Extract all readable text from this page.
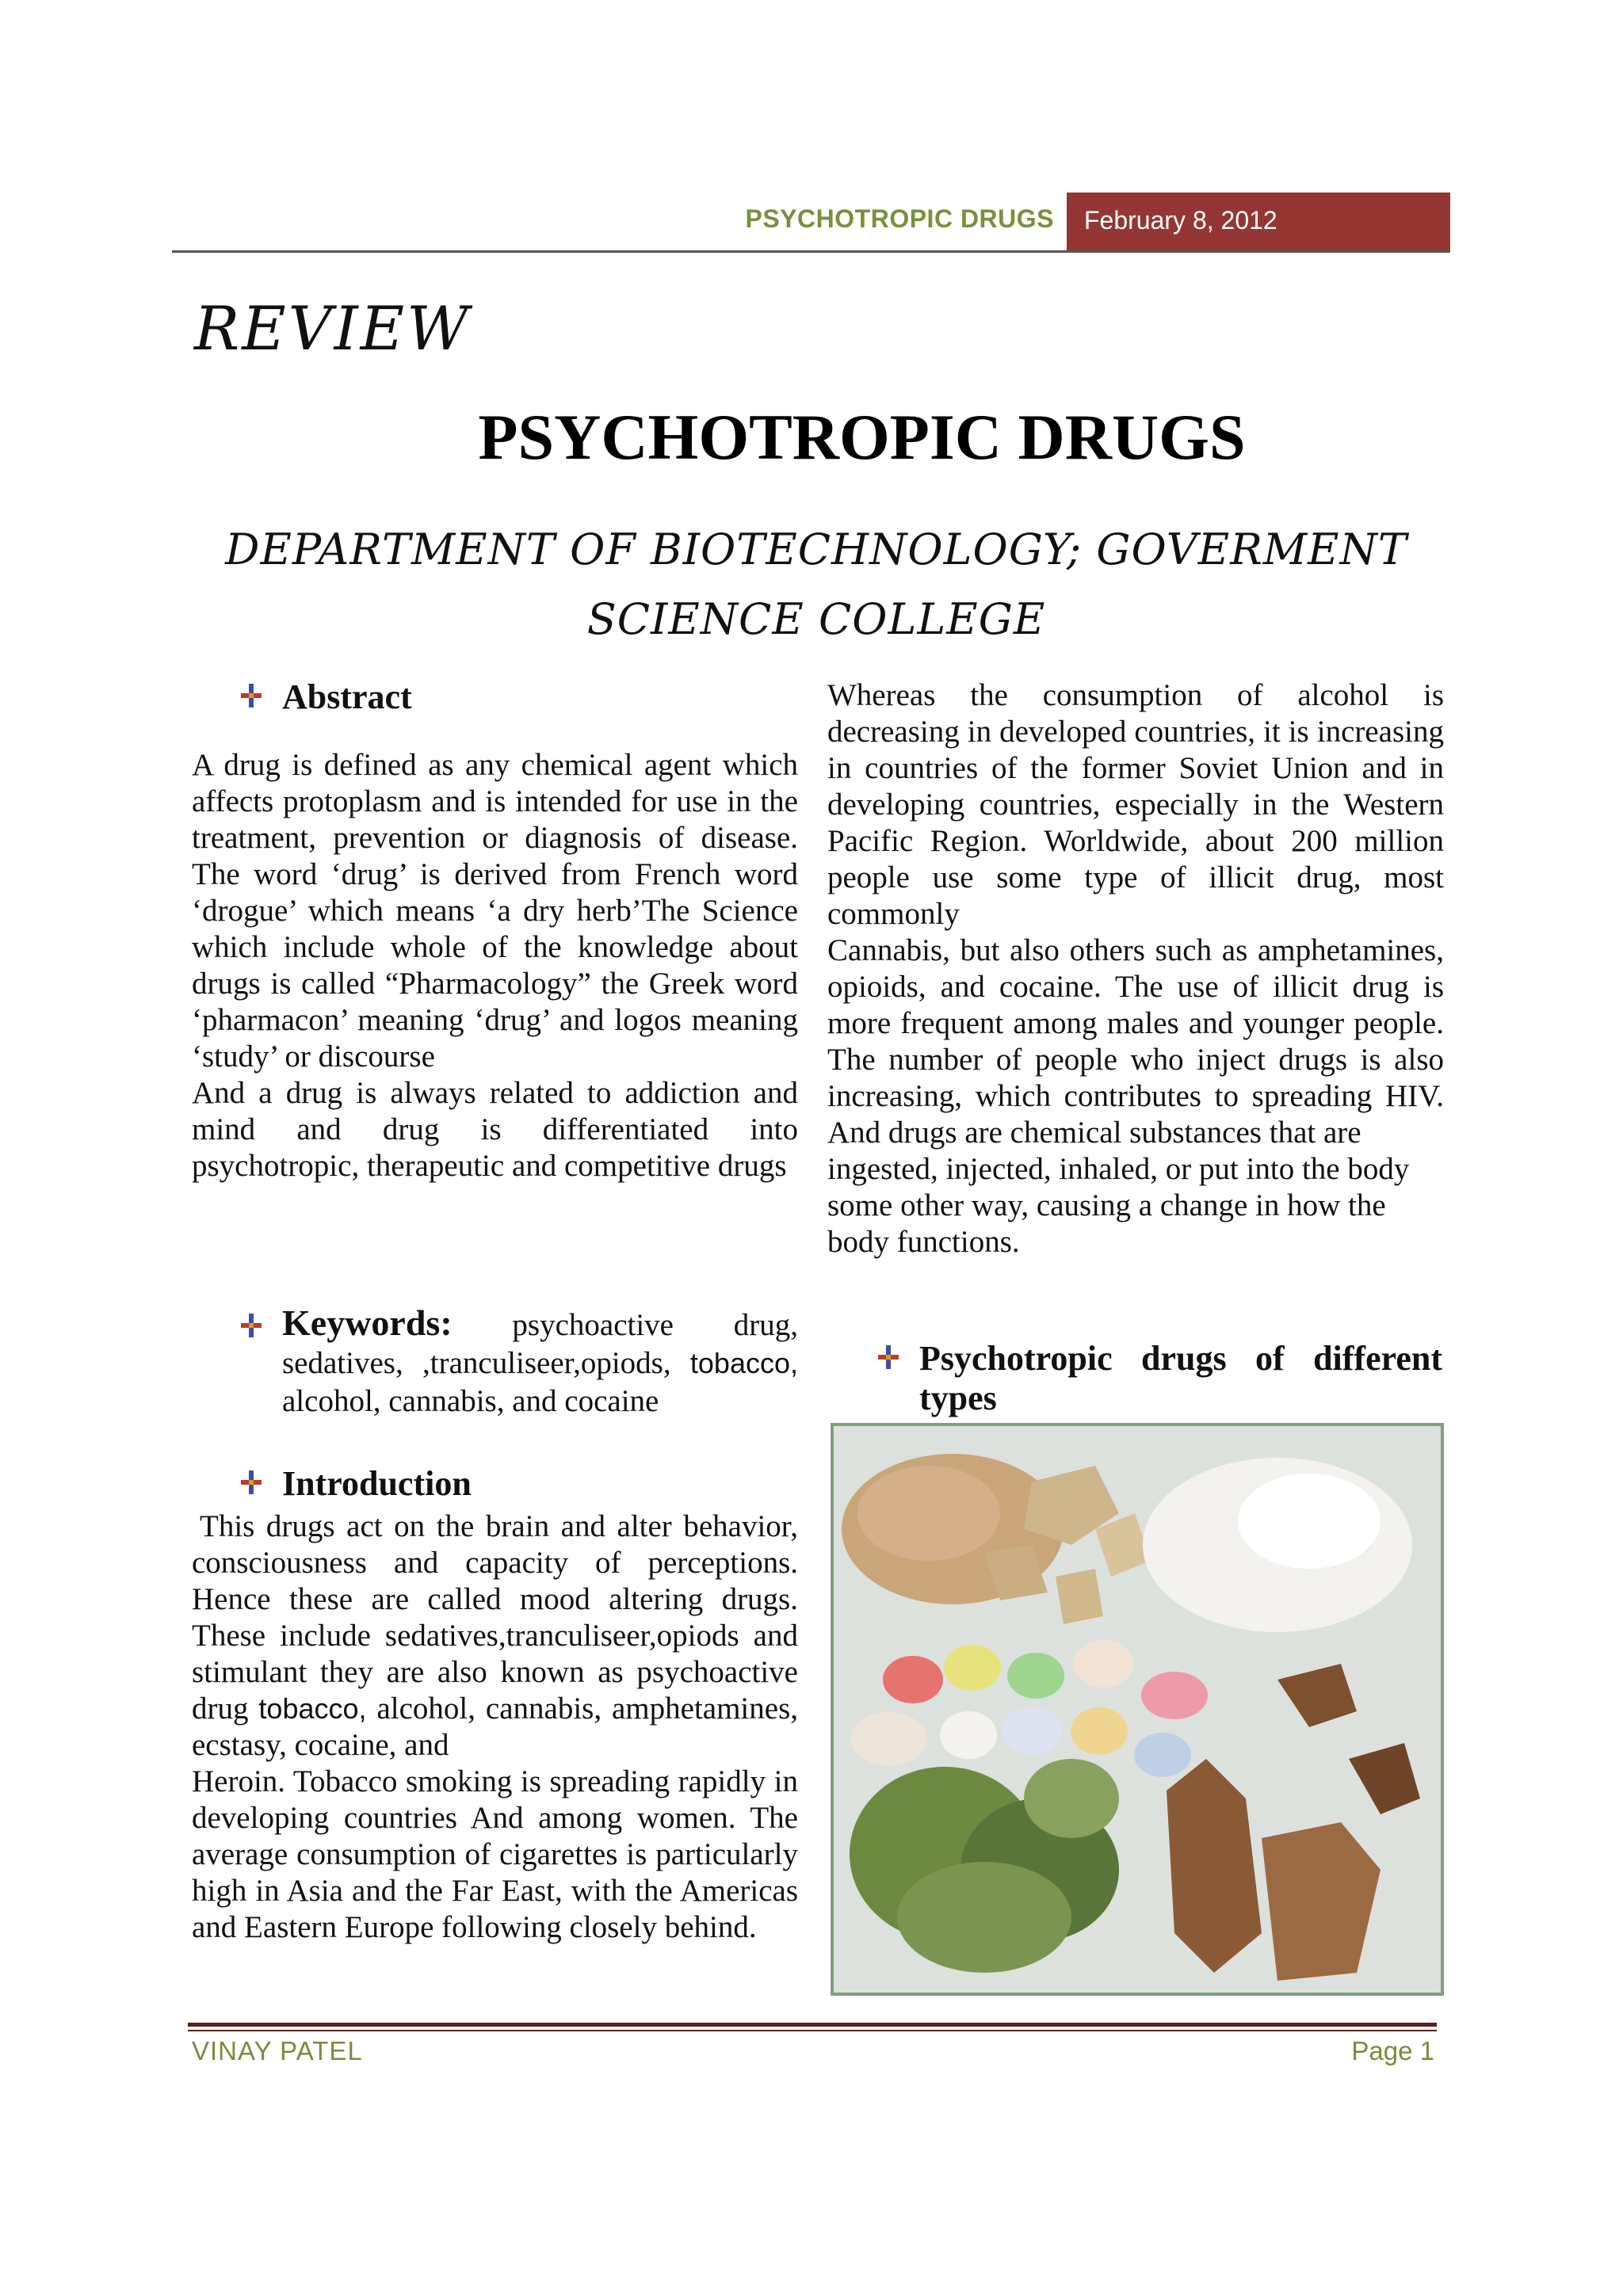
PSYCHOTROPIC DRUGS February 8, 2012
REVIEW
PSYCHOTROPIC DRUGS
DEPARTMENT OF BIOTECHNOLOGY; GOVERMENT SCIENCE COLLEGE
Abstract

A drug is defined as any chemical agent which affects protoplasm and is intended for use in the treatment, prevention or diagnosis of disease. The word ‘drug’ is derived from French word ‘drogue’ which means ‘a dry herb’The Science which include whole of the knowledge about drugs is called “Pharmacology” the Greek word ‘pharmacon’ meaning ‘drug’ and logos meaning ‘study’ or discourse

And a drug is always related to addiction and mind and drug is differentiated into psychotropic, therapeutic and competitive drugs

Keywords: psychoactive drug, sedatives, ,tranculiseer,opiods, tobacco, alcohol, cannabis, and cocaine
Introduction

This drugs act on the brain and alter behavior, consciousness and capacity of perceptions. Hence these are called mood altering drugs. These include sedatives,tranculiseer,opiods and stimulant they are also known as psychoactive drug tobacco, alcohol, cannabis, amphetamines, ecstasy, cocaine, and

Heroin. Tobacco smoking is spreading rapidly in developing countries And among women. The average consumption of cigarettes is particularly high in Asia and the Far East, with the Americas and Eastern Europe following closely behind.

Whereas the consumption of alcohol is decreasing in developed countries, it is increasing in countries of the former Soviet Union and in developing countries, especially in the Western Pacific Region. Worldwide, about 200 million people use some type of illicit drug, most commonly

Cannabis, but also others such as amphetamines, opioids, and cocaine. The use of illicit drug is more frequent among males and younger people. The number of people who inject drugs is also increasing, which contributes to spreading HIV. And drugs are chemical substances that are

ingested, injected, inhaled, or put into the body some other way, causing a change in how the body functions.

Psychotropic drugs of different types
VINAY PATEL	Page 1
